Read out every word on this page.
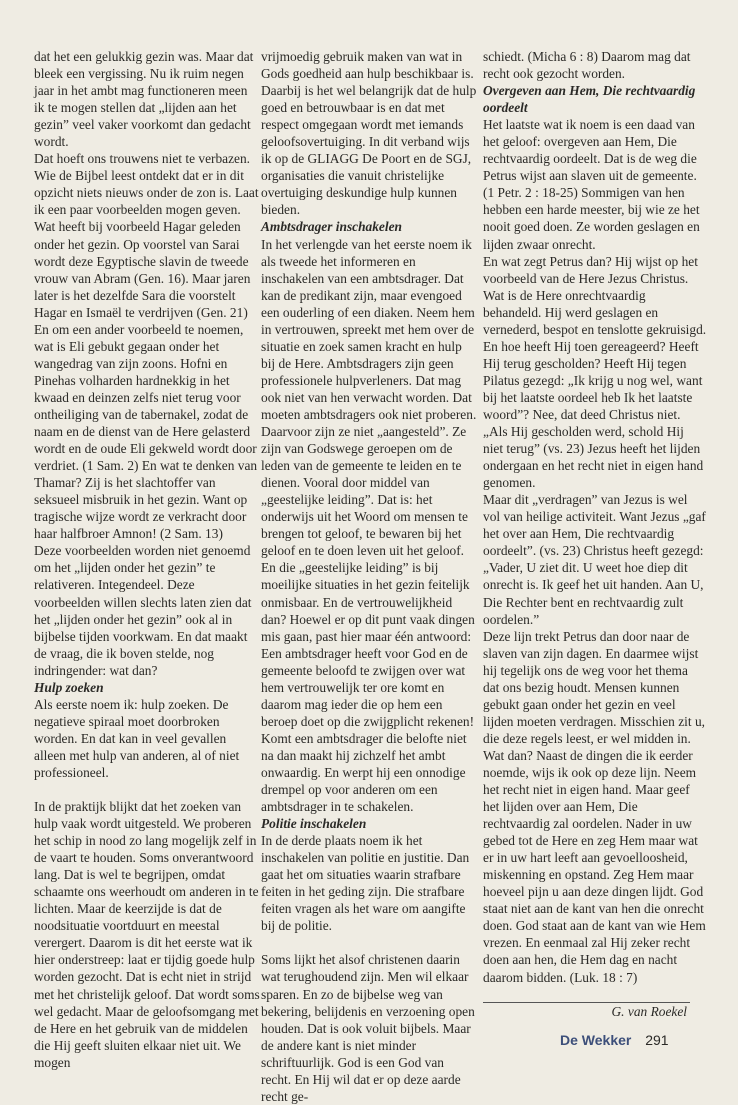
dat het een gelukkig gezin was. Maar dat bleek een vergissing. Nu ik ruim negen jaar in het ambt mag functioneren meen ik te mogen stellen dat „lijden aan het gezin” veel vaker voorkomt dan gedacht wordt.

Dat hoeft ons trouwens niet te verbazen. Wie de Bijbel leest ontdekt dat er in dit opzicht niets nieuws onder de zon is. Laat ik een paar voorbeelden mogen geven. Wat heeft bij voorbeeld Hagar geleden onder het gezin. Op voorstel van Sarai wordt deze Egyptische slavin de tweede vrouw van Abram (Gen. 16). Maar jaren later is het dezelfde Sara die voorstelt Hagar en Ismaël te verdrijven (Gen. 21) En om een ander voorbeeld te noemen, wat is Eli gebukt gegaan onder het wangedrag van zijn zoons. Hofni en Pinehas volharden hardnekkig in het kwaad en deinzen zelfs niet terug voor ontheiliging van de tabernakel, zodat de naam en de dienst van de Here gelasterd wordt en de oude Eli gekweld wordt door verdriet. (1 Sam. 2) En wat te denken van Thamar? Zij is het slachtoffer van seksueel misbruik in het gezin. Want op tragische wijze wordt ze verkracht door haar halfbroer Amnon! (2 Sam. 13)

Deze voorbeelden worden niet genoemd om het „lijden onder het gezin” te relativeren. Integendeel. Deze voorbeelden willen slechts laten zien dat het „lijden onder het gezin” ook al in bijbelse tijden voorkwam. En dat maakt de vraag, die ik boven stelde, nog indringender: wat dan?

Hulp zoeken

Als eerste noem ik: hulp zoeken. De negatieve spiraal moet doorbroken worden. En dat kan in veel gevallen alleen met hulp van anderen, al of niet professioneel.

In de praktijk blijkt dat het zoeken van hulp vaak wordt uitgesteld. We proberen het schip in nood zo lang mogelijk zelf in de vaart te houden. Soms onverantwoord lang. Dat is wel te begrijpen, omdat schaamte ons weerhoudt om anderen in te lichten. Maar de keerzijde is dat de noodsituatie voortduurt en meestal verergert. Daarom is dit het eerste wat ik hier onderstreep: laat er tijdig goede hulp worden gezocht. Dat is echt niet in strijd met het christelijk geloof. Dat wordt soms wel gedacht. Maar de geloofsomgang met de Here en het gebruik van de middelen die Hij geeft sluiten elkaar niet uit. We mogen

vrijmoedig gebruik maken van wat in Gods goedheid aan hulp beschikbaar is. Daarbij is het wel belangrijk dat de hulp goed en betrouwbaar is en dat met respect omgegaan wordt met iemands geloofsovertuiging. In dit verband wijs ik op de GLIAGG De Poort en de SGJ, organisaties die vanuit christelijke overtuiging deskundige hulp kunnen bieden.

Ambtsdrager inschakelen

In het verlengde van het eerste noem ik als tweede het informeren en inschakelen van een ambtsdrager. Dat kan de predikant zijn, maar evengoed een ouderling of een diaken. Neem hem in vertrouwen, spreekt met hem over de situatie en zoek samen kracht en hulp bij de Here. Ambtsdragers zijn geen professionele hulpverleners. Dat mag ook niet van hen verwacht worden. Dat moeten ambtsdragers ook niet proberen. Daarvoor zijn ze niet „aangesteld”. Ze zijn van Godswege geroepen om de leden van de gemeente te leiden en te dienen. Vooral door middel van „geestelijke leiding”. Dat is: het onderwijs uit het Woord om mensen te brengen tot geloof, te bewaren bij het geloof en te doen leven uit het geloof. En die „geestelijke leiding” is bij moeilijke situaties in het gezin feitelijk onmisbaar. En de vertrouwelijkheid dan? Hoewel er op dit punt vaak dingen mis gaan, past hier maar één antwoord: Een ambtsdrager heeft voor God en de gemeente beloofd te zwijgen over wat hem vertrouwelijk ter ore komt en daarom mag ieder die op hem een beroep doet op die zwijgplicht rekenen! Komt een ambtsdrager die belofte niet na dan maakt hij zichzelf het ambt onwaardig. En werpt hij een onnodige drempel op voor anderen om een ambtsdrager in te schakelen.

Politie inschakelen

In de derde plaats noem ik het inschakelen van politie en justitie. Dan gaat het om situaties waarin strafbare feiten in het geding zijn. Die strafbare feiten vragen als het ware om aangifte bij de politie.

Soms lijkt het alsof christenen daarin wat terughoudend zijn. Men wil elkaar sparen. En zo de bijbelse weg van bekering, belijdenis en verzoening open houden. Dat is ook voluit bijbels. Maar de andere kant is niet minder schriftuurlijk. God is een God van recht. En Hij wil dat er op deze aarde recht ge-

schiedt. (Micha 6 : 8) Daarom mag dat recht ook gezocht worden.

Overgeven aan Hem, Die rechtvaardig oordeelt

Het laatste wat ik noem is een daad van het geloof: overgeven aan Hem, Die rechtvaardig oordeelt. Dat is de weg die Petrus wijst aan slaven uit de gemeente. (1 Petr. 2 : 18-25) Sommigen van hen hebben een harde meester, bij wie ze het nooit goed doen. Ze worden geslagen en lijden zwaar onrecht.

En wat zegt Petrus dan? Hij wijst op het voorbeeld van de Here Jezus Christus. Wat is de Here onrechtvaardig behandeld. Hij werd geslagen en vernederd, bespot en tenslotte gekruisigd. En hoe heeft Hij toen gereageerd? Heeft Hij terug gescholden? Heeft Hij tegen Pilatus gezegd: „Ik krijg u nog wel, want bij het laatste oordeel heb Ik het laatste woord”? Nee, dat deed Christus niet. „Als Hij gescholden werd, schold Hij niet terug” (vs. 23) Jezus heeft het lijden ondergaan en het recht niet in eigen hand genomen.

Maar dit „verdragen” van Jezus is wel vol van heilige activiteit. Want Jezus „gaf het over aan Hem, Die rechtvaardig oordeelt”. (vs. 23) Christus heeft gezegd: „Vader, U ziet dit. U weet hoe diep dit onrecht is. Ik geef het uit handen. Aan U, Die Rechter bent en rechtvaardig zult oordelen.”

Deze lijn trekt Petrus dan door naar de slaven van zijn dagen. En daarmee wijst hij tegelijk ons de weg voor het thema dat ons bezig houdt. Mensen kunnen gebukt gaan onder het gezin en veel lijden moeten verdragen. Misschien zit u, die deze regels leest, er wel midden in. Wat dan? Naast de dingen die ik eerder noemde, wijs ik ook op deze lijn. Neem het recht niet in eigen hand. Maar geef het lijden over aan Hem, Die rechtvaardig zal oordelen. Nader in uw gebed tot de Here en zeg Hem maar wat er in uw hart leeft aan gevoelloosheid, miskenning en opstand. Zeg Hem maar hoeveel pijn u aan deze dingen lijdt. God staat niet aan de kant van hen die onrecht doen. God staat aan de kant van wie Hem vrezen. En eenmaal zal Hij zeker recht doen aan hen, die Hem dag en nacht daarom bidden. (Luk. 18 : 7)

G. van Roekel

De Wekker 291
